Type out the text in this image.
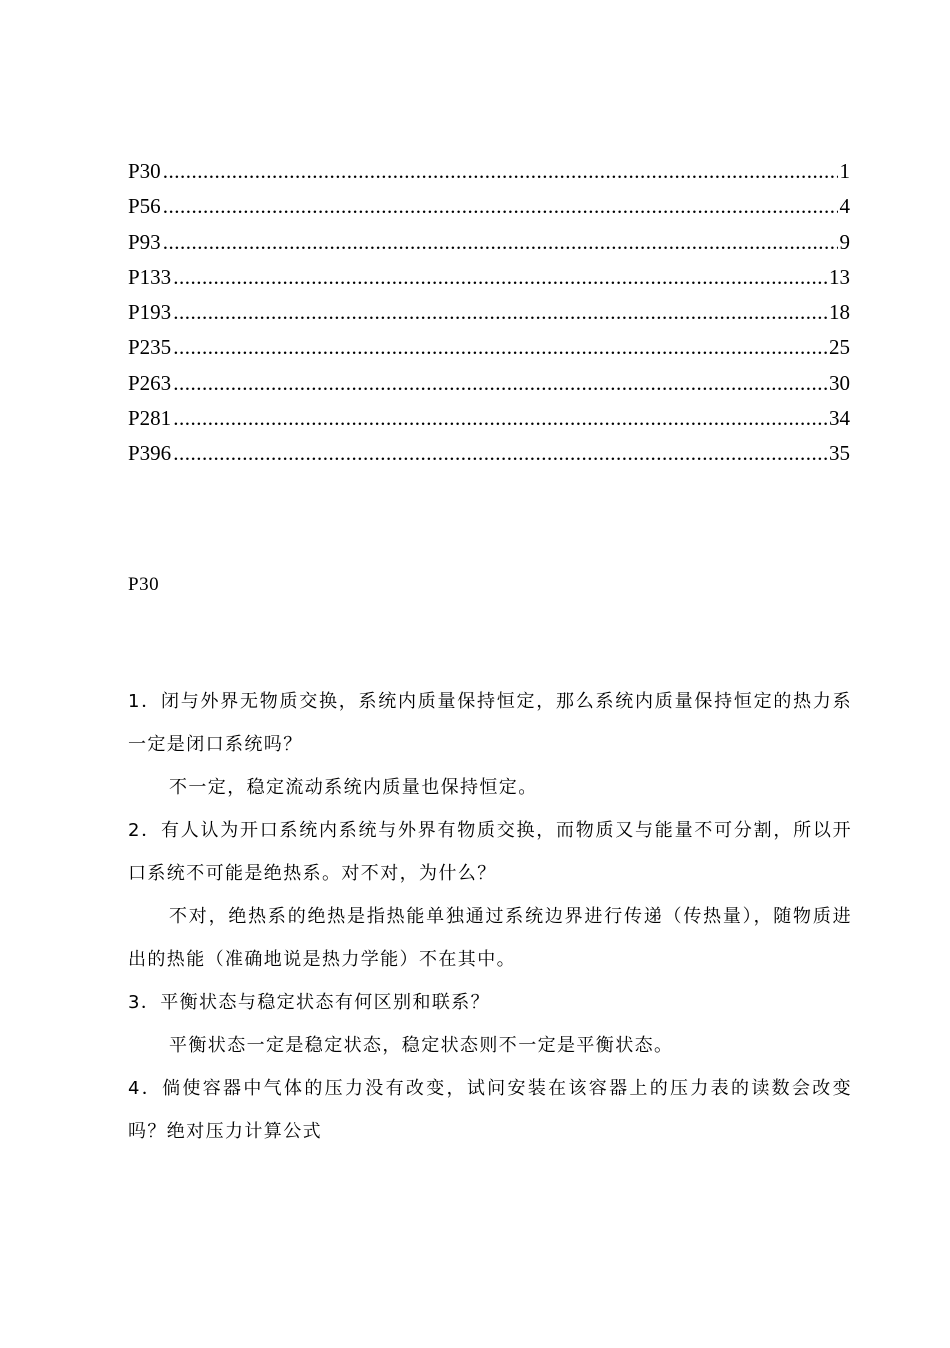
P30 .....	1
P56 .....	4
P93 .....	9
P133 .....	13
P193 .....	18
P235 .....	25
P263 .....	30
P281 .....	34
P396 .....	35
P30

1．闭与外界无物质交换，系统内质量保持恒定，那么系统内质量保持恒定的热力系一定是闭口系统吗？

不一定，稳定流动系统内质量也保持恒定。

2．有人认为开口系统内系统与外界有物质交换，而物质又与能量不可分割，所以开口系统不可能是绝热系。对不对，为什么？

不对，绝热系的绝热是指热能单独通过系统边界进行传递（传热量），随物质进出的热能（准确地说是热力学能）不在其中。

3．平衡状态与稳定状态有何区别和联系？

平衡状态一定是稳定状态，稳定状态则不一定是平衡状态。

4．倘使容器中气体的压力没有改变，试问安装在该容器上的压力表的读数会改变吗？绝对压力计算公式
